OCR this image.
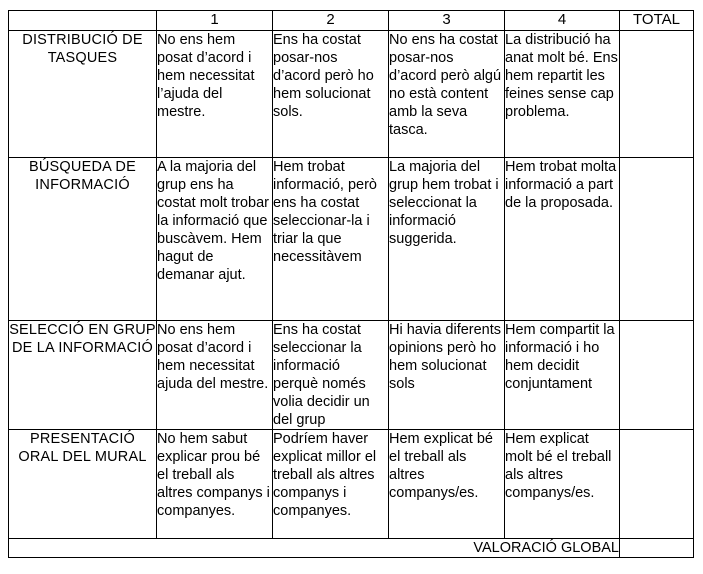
	1	2	3	4	TOTAL
DISTRIBUCIÓ DE TASQUES	No ens hem posat d’acord i hem necessitat l’ajuda del mestre.	Ens ha costat posar-nos d’acord però ho hem solucionat sols.	No ens ha costat posar-nos d’acord però algú no està content amb la seva tasca.	La distribució ha anat molt bé. Ens hem repartit les feines sense cap problema.	
BÚSQUEDA DE INFORMACIÓ	A la majoria del grup ens ha costat molt trobar la informació que buscàvem. Hem hagut de demanar ajut.	Hem trobat informació, però ens ha costat seleccionar-la i triar la que necessitàvem	La majoria del grup hem trobat i seleccionat la informació suggerida.	Hem trobat molta informació a part de la proposada.	
SELECCIÓ EN GRUP DE LA INFORMACIÓ	No ens hem posat d’acord i hem necessitat ajuda del mestre.	Ens ha costat seleccionar la informació perquè només volia decidir un del grup	Hi havia diferents opinions però ho hem solucionat sols	Hem compartit la informació i ho hem decidit conjuntament	
PRESENTACIÓ ORAL DEL MURAL	No hem sabut explicar prou bé el treball als altres companys i companyes.	Podríem haver explicat millor el treball als altres companys i companyes.	Hem explicat bé el treball als altres companys/es.	Hem explicat molt bé el treball als altres companys/es.	
VALORACIÓ GLOBAL					
